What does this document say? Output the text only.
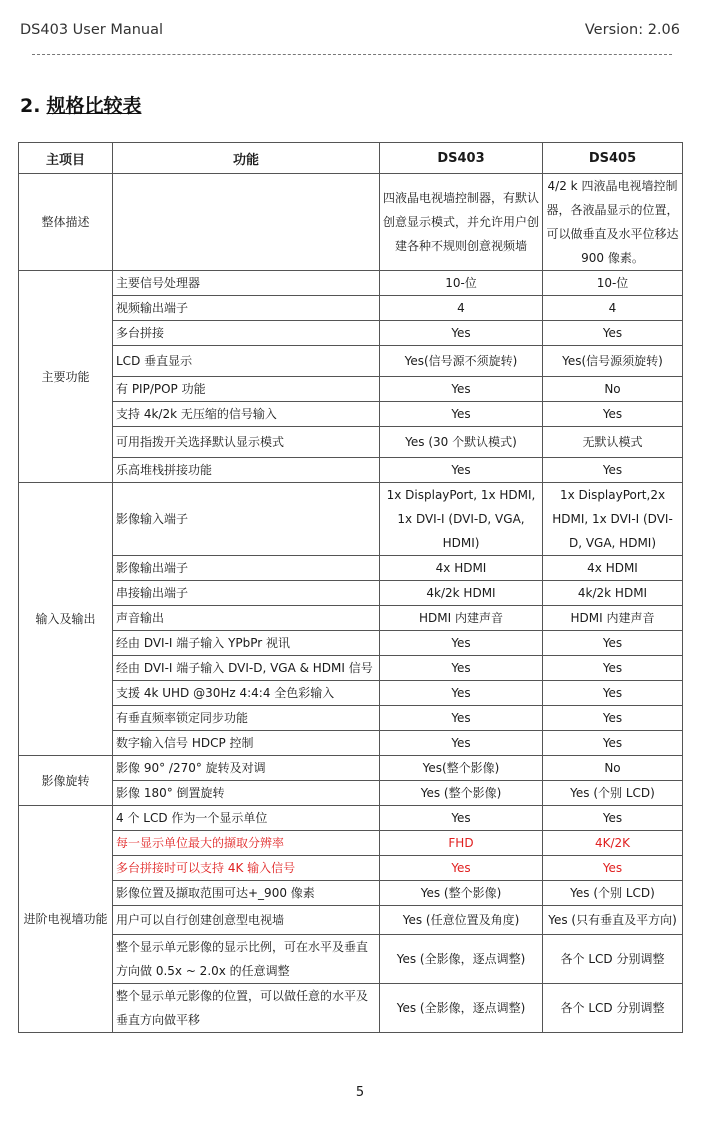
DS403 User Manual	Version: 2.06
2. 规格比较表
主项目	功能	DS403	DS405
整体描述		四液晶电视墙控制器，有默认创意显示模式，并允许用户创建各种不规则创意视频墙	4/2 k 四液晶电视墙控制器，各液晶显示的位置，可以做垂直及水平位移达 900 像素。
主要功能	主要信号处理器	10-位	10-位
	视频输出端子	4	4
	多台拼接	Yes	Yes
	LCD 垂直显示	Yes(信号源不须旋转)	Yes(信号源须旋转)
	有 PIP/POP 功能	Yes	No
	支持 4k/2k 无压缩的信号输入	Yes	Yes
	可用指拨开关选择默认显示模式	Yes (30 个默认模式)	无默认模式
	乐高堆栈拼接功能	Yes	Yes
输入及输出	影像输入端子	1x DisplayPort, 1x HDMI, 1x DVI-I (DVI-D, VGA, HDMI)	1x DisplayPort,2x HDMI, 1x DVI-I (DVI-D, VGA, HDMI)
	影像输出端子	4x HDMI	4x HDMI
	串接输出端子	4k/2k HDMI	4k/2k HDMI
	声音输出	HDMI 内建声音	HDMI 内建声音
	经由 DVI-I 端子输入 YPbPr 视讯	Yes	Yes
	经由 DVI-I 端子输入 DVI-D, VGA & HDMI 信号	Yes	Yes
	支援 4k UHD @30Hz 4:4:4 全色彩输入	Yes	Yes
	有垂直频率锁定同步功能	Yes	Yes
	数字输入信号 HDCP 控制	Yes	Yes
影像旋转	影像 90° /270° 旋转及对调	Yes(整个影像)	No
	影像 180° 倒置旋转	Yes (整个影像)	Yes (个别 LCD)
进阶电视墙功能	4 个 LCD 作为一个显示单位	Yes	Yes
	每一显示单位最大的撷取分辨率	FHD	4K/2K
	多台拼接时可以支持 4K 输入信号	Yes	Yes
	影像位置及撷取范围可达+_900 像素	Yes (整个影像)	Yes (个别 LCD)
	用户可以自行创建创意型电视墙	Yes (任意位置及角度)	Yes (只有垂直及平方向)
	整个显示单元影像的显示比例，可在水平及垂直方向做 0.5x ~ 2.0x 的任意调整	Yes (全影像，逐点调整)	各个 LCD 分别调整
	整个显示单元影像的位置，可以做任意的水平及垂直方向做平移	Yes (全影像，逐点调整)	各个 LCD 分别调整
5
